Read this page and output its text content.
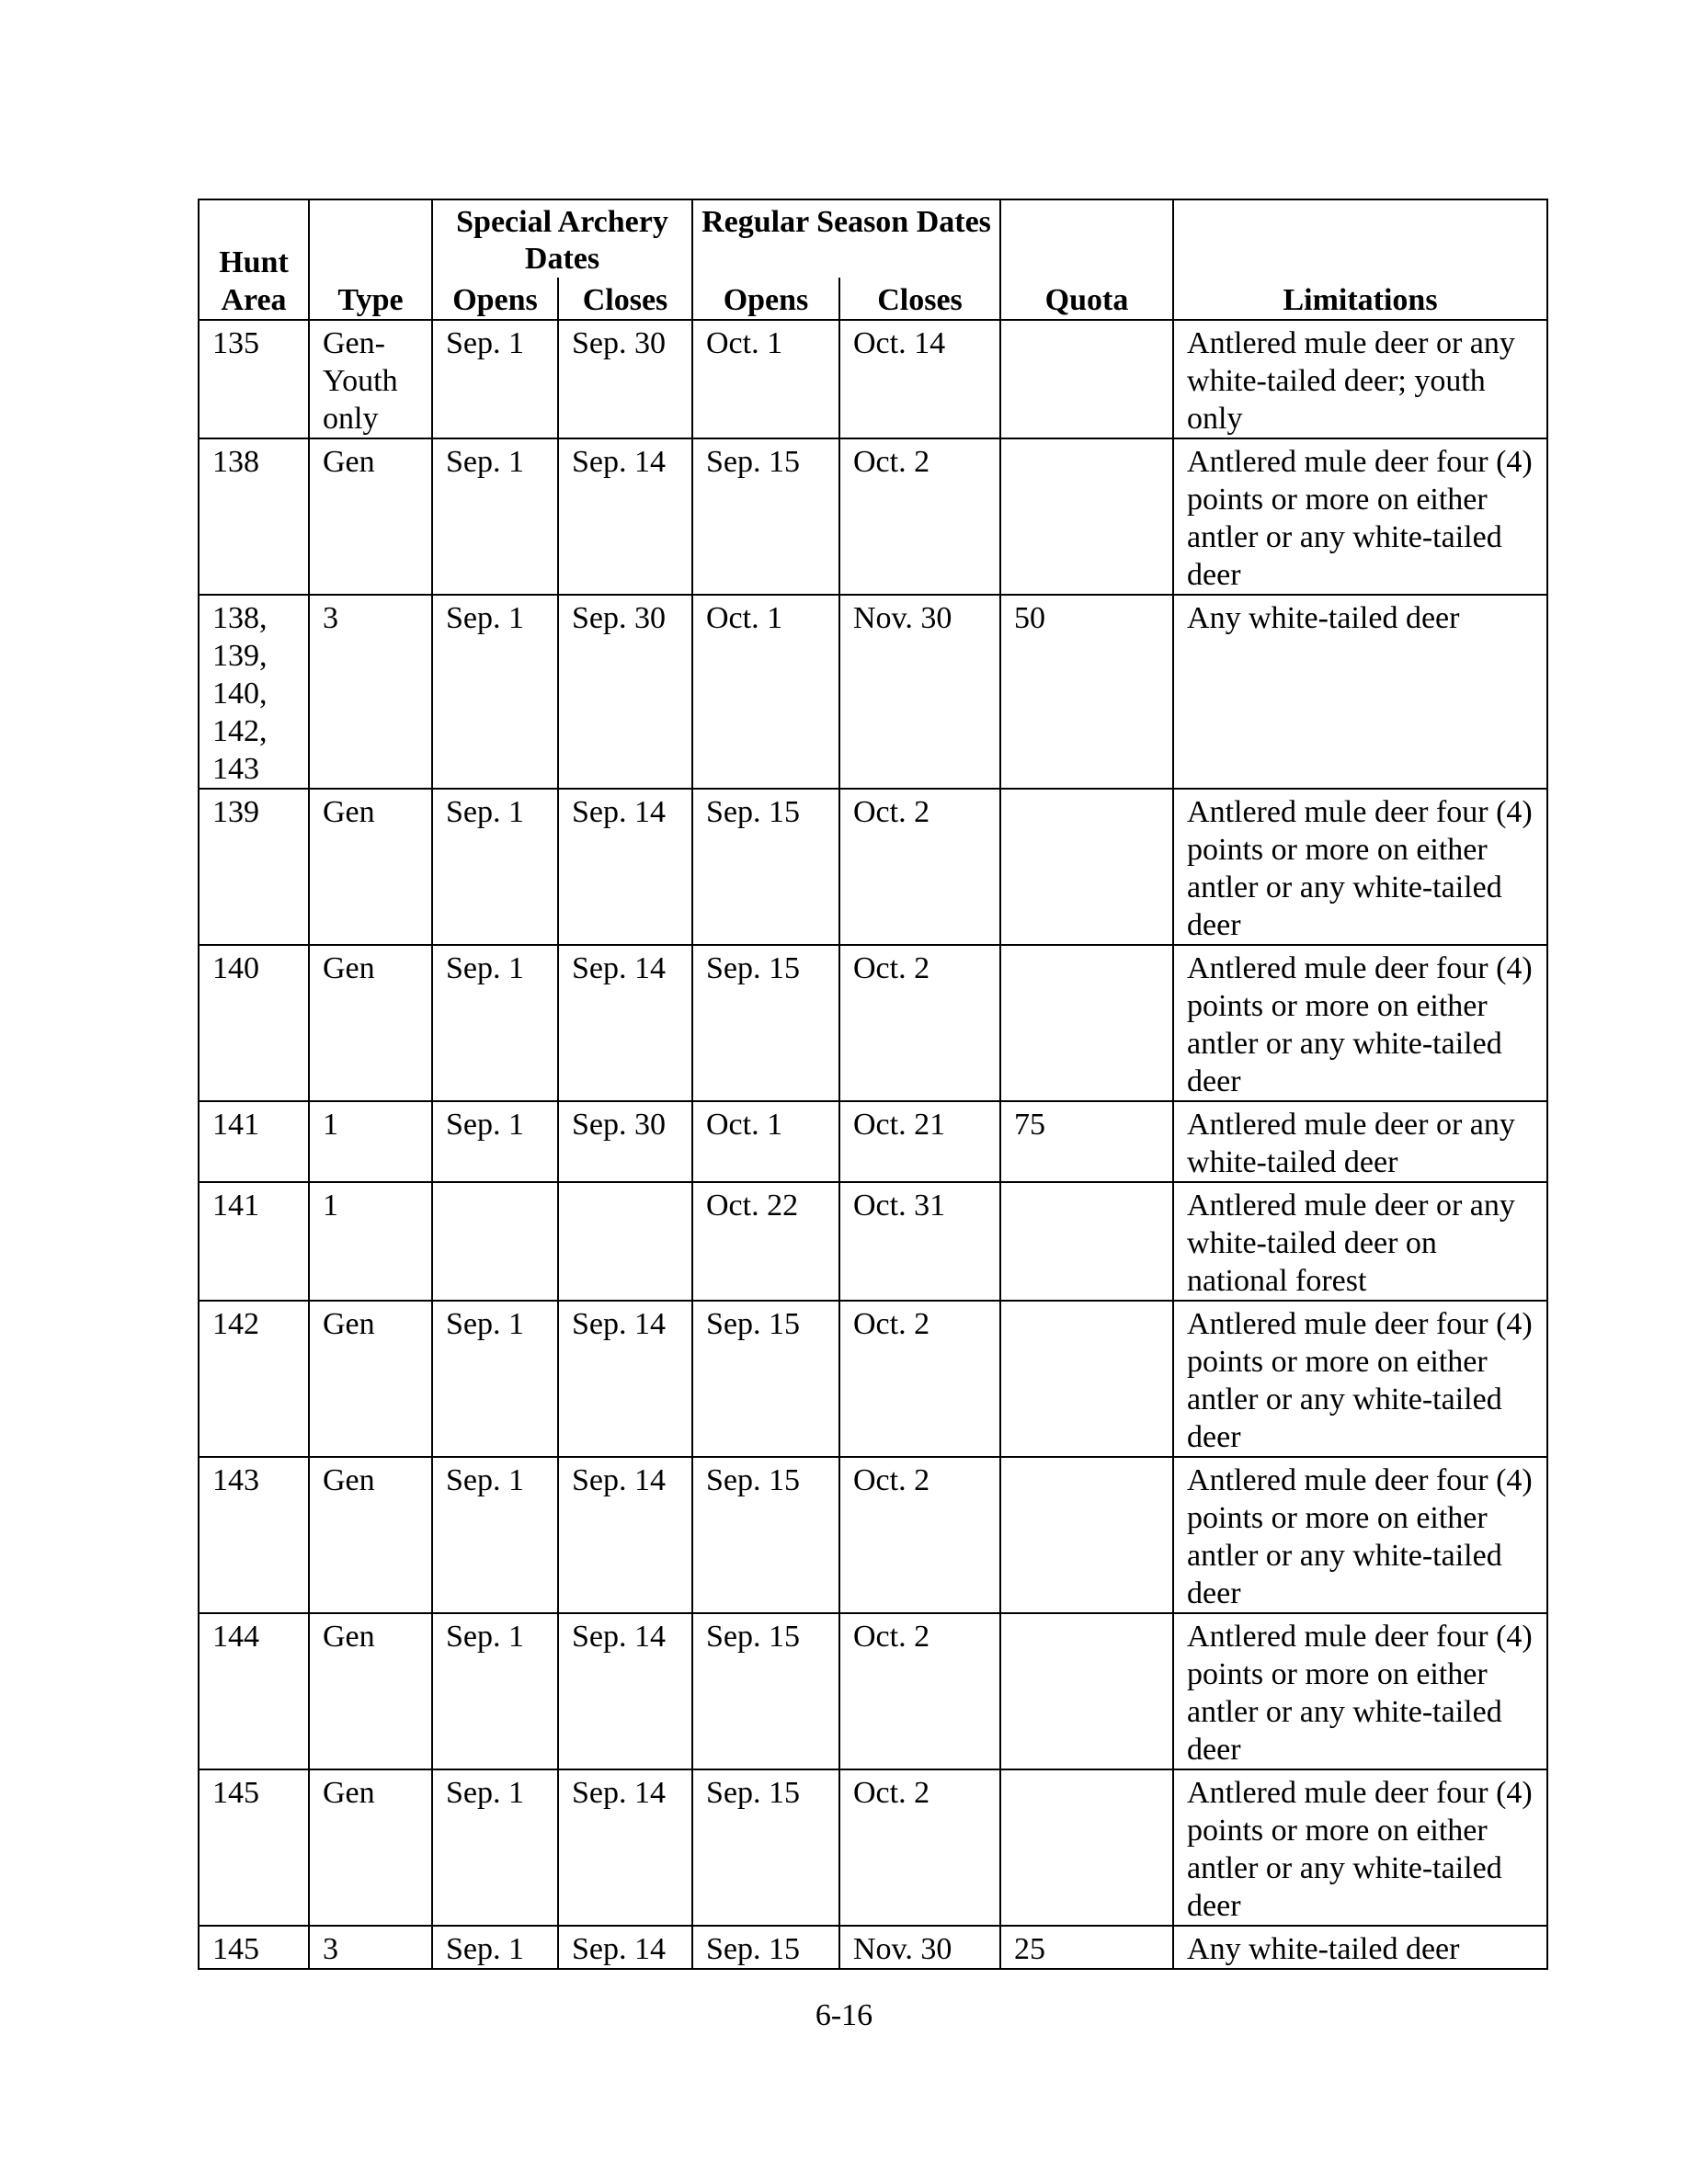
Hunt Area	Type	Special Archery Dates		Regular Season Dates		Quota	Limitations
		Opens	Closes	Opens	Closes		
135	Gen-Youth only	Sep. 1	Sep. 30	Oct. 1	Oct. 14		Antlered mule deer or any white-tailed deer; youth only
138	Gen	Sep. 1	Sep. 14	Sep. 15	Oct. 2		Antlered mule deer four (4) points or more on either antler or any white-tailed deer
138, 139, 140, 142, 143	3	Sep. 1	Sep. 30	Oct. 1	Nov. 30	50	Any white-tailed deer
139	Gen	Sep. 1	Sep. 14	Sep. 15	Oct. 2		Antlered mule deer four (4) points or more on either antler or any white-tailed deer
140	Gen	Sep. 1	Sep. 14	Sep. 15	Oct. 2		Antlered mule deer four (4) points or more on either antler or any white-tailed deer
141	1	Sep. 1	Sep. 30	Oct. 1	Oct. 21	75	Antlered mule deer or any white-tailed deer
141	1			Oct. 22	Oct. 31		Antlered mule deer or any white-tailed deer on national forest
142	Gen	Sep. 1	Sep. 14	Sep. 15	Oct. 2		Antlered mule deer four (4) points or more on either antler or any white-tailed deer
143	Gen	Sep. 1	Sep. 14	Sep. 15	Oct. 2		Antlered mule deer four (4) points or more on either antler or any white-tailed deer
144	Gen	Sep. 1	Sep. 14	Sep. 15	Oct. 2		Antlered mule deer four (4) points or more on either antler or any white-tailed deer
145	Gen	Sep. 1	Sep. 14	Sep. 15	Oct. 2		Antlered mule deer four (4) points or more on either antler or any white-tailed deer
145	3	Sep. 1	Sep. 14	Sep. 15	Nov. 30	25	Any white-tailed deer
6-16
